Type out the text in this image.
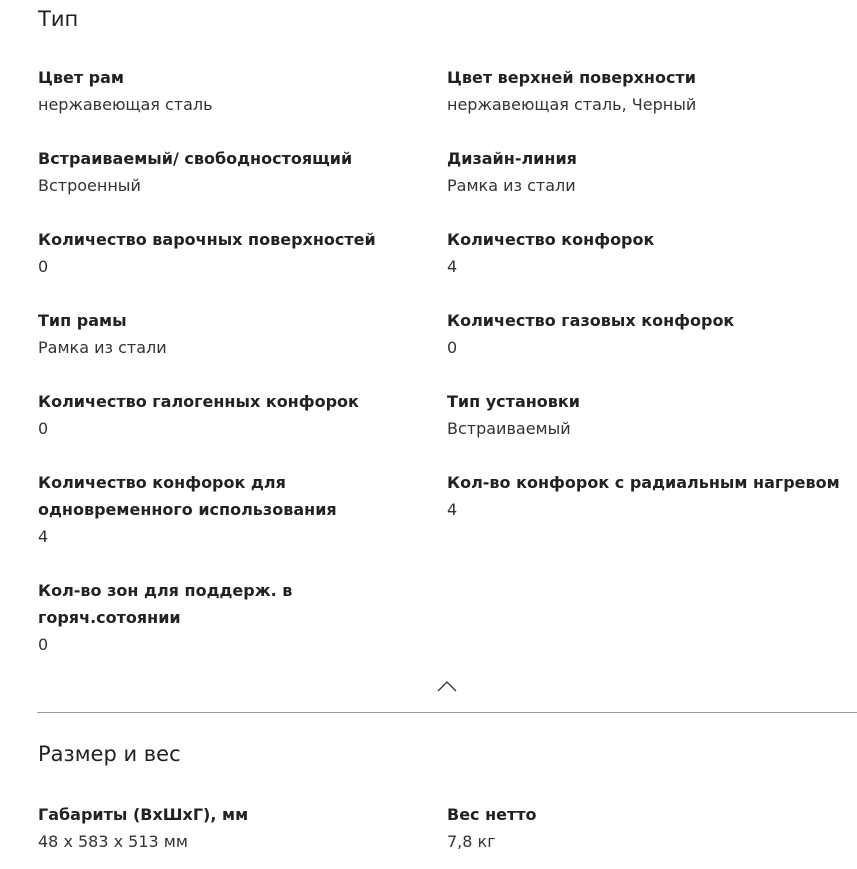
Тип
Цвет рам
нержавеющая сталь
Цвет верхней поверхности
нержавеющая сталь, Черный
Встраиваемый/ свободностоящий
Встроенный
Дизайн-линия
Рамка из стали
Количество варочных поверхностей
0
Количество конфорок
4
Тип рамы
Рамка из стали
Количество газовых конфорок
0
Количество галогенных конфорок
0
Тип установки
Встраиваемый
Количество конфорок для одновременного использования
4
Кол-во конфорок с радиальным нагревом
4
Кол-во зон для поддерж. в горяч.сотоянии
0
Размер и вес
Габариты (ВхШхГ), мм
48 x 583 x 513 мм
Вес нетто
7,8 кг
